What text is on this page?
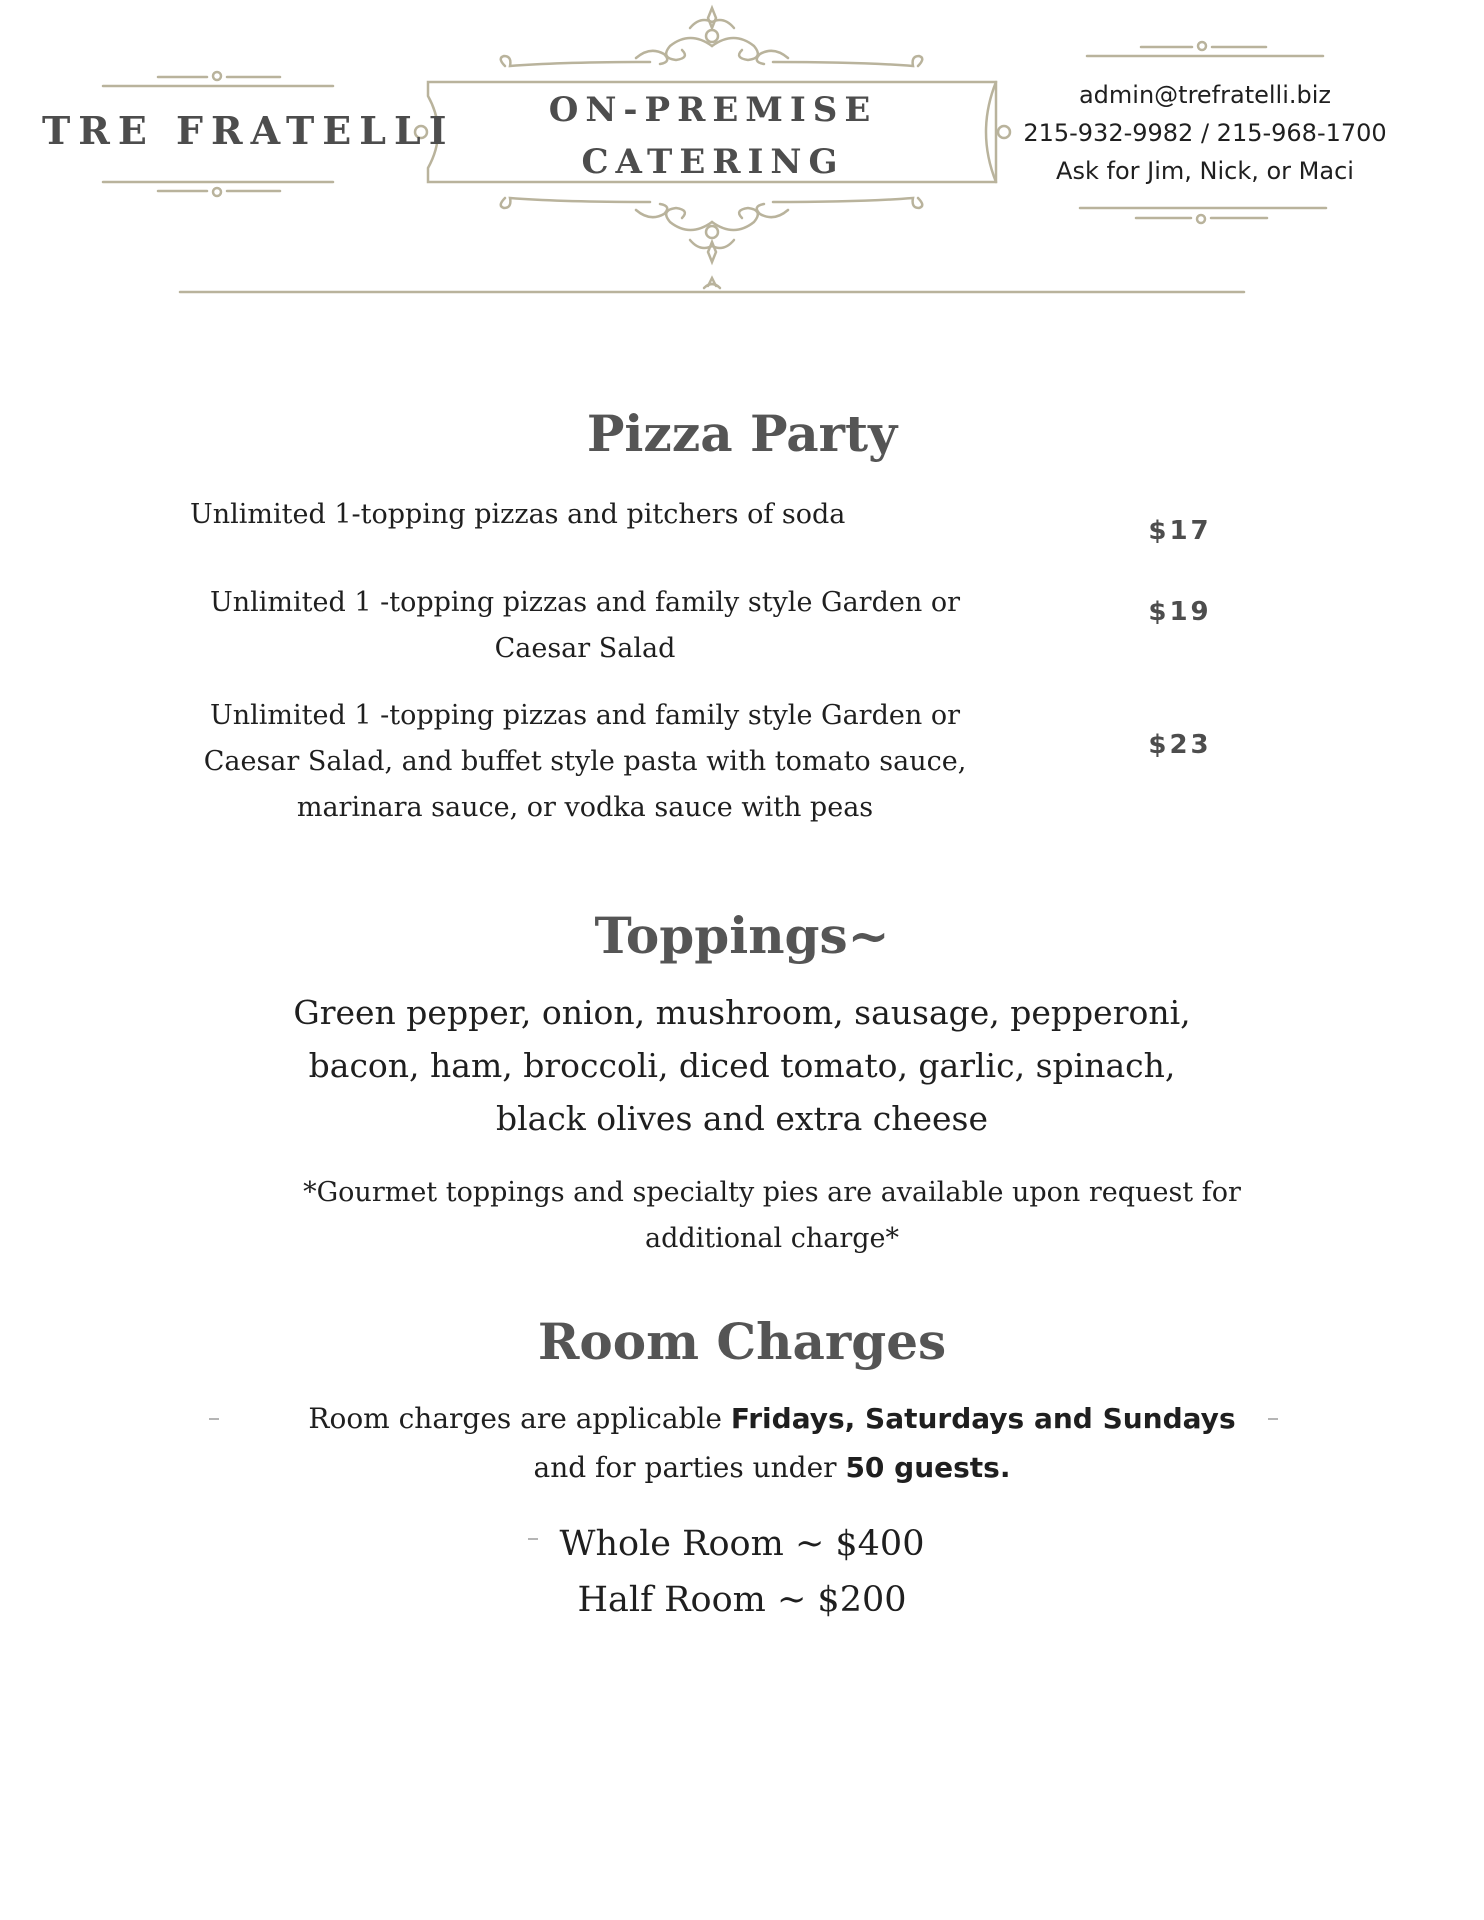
TRE FRATELLI	ON-PREMISE
CATERING
admin@trefratelli.biz
215-932-9982 / 215-968-1700
Ask for Jim, Nick, or Maci
Pizza Party
Unlimited 1-topping pizzas and pitchers of soda
$17
Unlimited 1 -topping pizzas and family style Garden or Caesar Salad
$19
Unlimited 1 -topping pizzas and family style Garden or Caesar Salad, and buffet style pasta with tomato sauce, marinara sauce, or vodka sauce with peas
$23
Toppings~
Green pepper, onion, mushroom, sausage, pepperoni, bacon, ham, broccoli, diced tomato, garlic, spinach, black olives and extra cheese
*Gourmet toppings and specialty pies are available upon request for additional charge*
Room Charges
Room charges are applicable Fridays, Saturdays and Sundays
and for parties under 50 guests.
Whole Room ~ $400
Half Room ~ $200
